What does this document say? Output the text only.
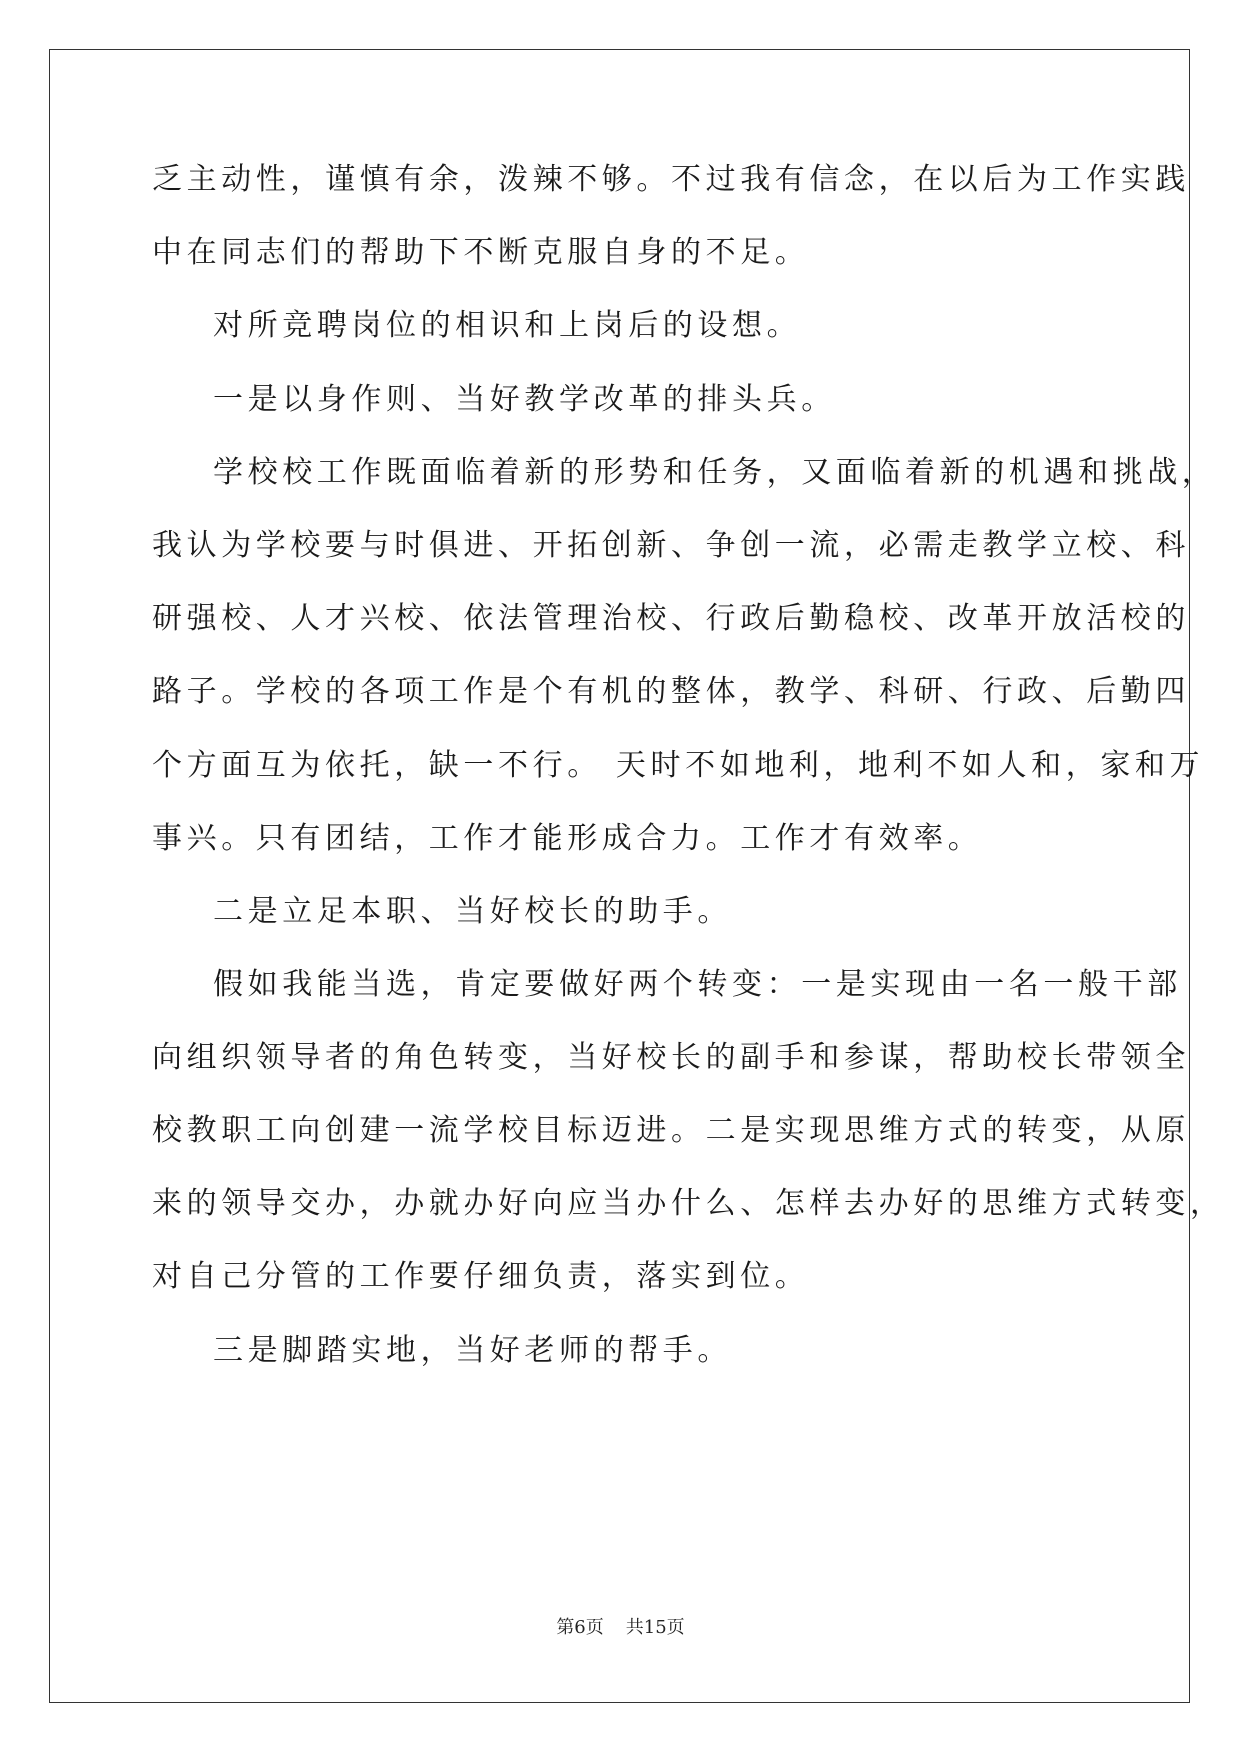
乏主动性，谨慎有余，泼辣不够。不过我有信念，在以后为工作实践
中在同志们的帮助下不断克服自身的不足。
对所竞聘岗位的相识和上岗后的设想。
一是以身作则、当好教学改革的排头兵。
学校校工作既面临着新的形势和任务，又面临着新的机遇和挑战，
我认为学校要与时俱进、开拓创新、争创一流，必需走教学立校、科
研强校、人才兴校、依法管理治校、行政后勤稳校、改革开放活校的
路子。学校的各项工作是个有机的整体，教学、科研、行政、后勤四
个方面互为依托，缺一不行。 天时不如地利，地利不如人和，家和万
事兴。只有团结，工作才能形成合力。工作才有效率。
二是立足本职、当好校长的助手。
假如我能当选，肯定要做好两个转变：一是实现由一名一般干部
向组织领导者的角色转变，当好校长的副手和参谋，帮助校长带领全
校教职工向创建一流学校目标迈进。二是实现思维方式的转变，从原
来的领导交办，办就办好向应当办什么、怎样去办好的思维方式转变，
对自己分管的工作要仔细负责，落实到位。
三是脚踏实地，当好老师的帮手。
第6页 共15页
